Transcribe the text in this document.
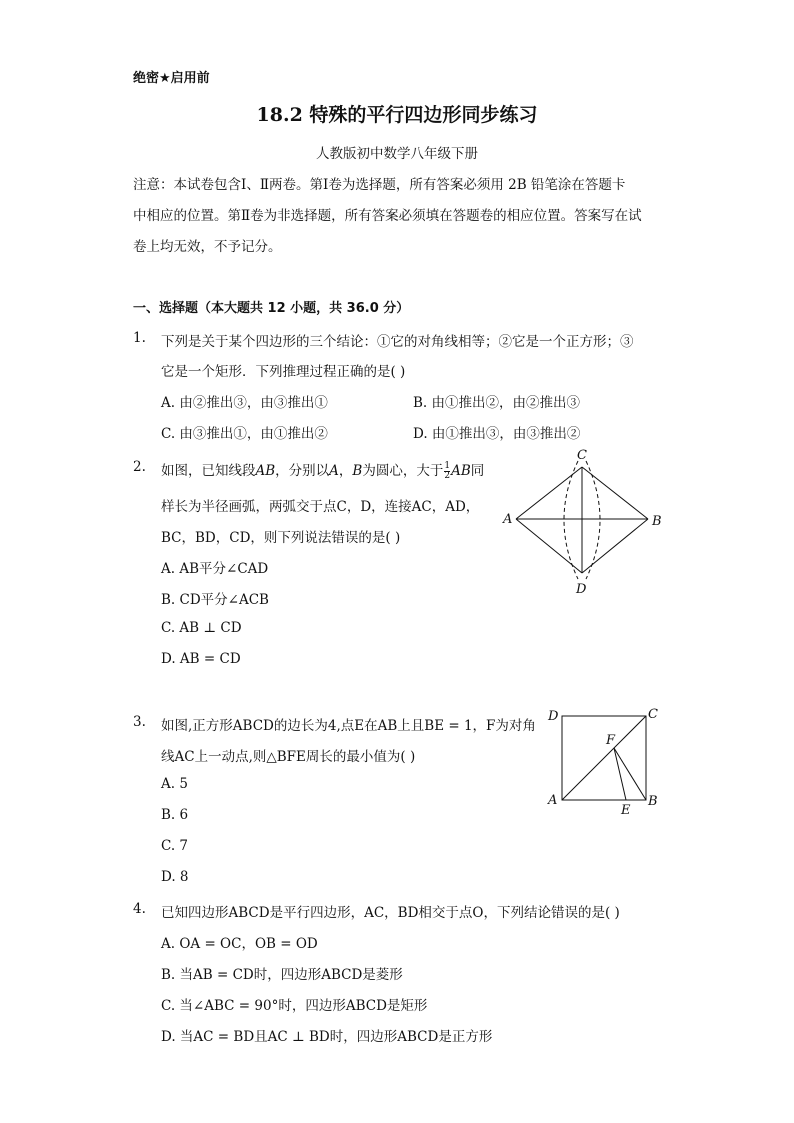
绝密★启用前
18.2 特殊的平行四边形同步练习
人教版初中数学八年级下册
注意：本试卷包含Ⅰ、Ⅱ两卷。第Ⅰ卷为选择题，所有答案必须用 2B 铅笔涂在答题卡
中相应的位置。第Ⅱ卷为非选择题，所有答案必须填在答题卷的相应位置。答案写在试
卷上均无效，不予记分。
一、选择题（本大题共 12 小题，共 36.0 分）
1. 下列是关于某个四边形的三个结论：①它的对角线相等；②它是一个正方形；③
它是一个矩形．下列推理过程正确的是( )
A. 由②推出③，由③推出①	B. 由①推出②，由②推出③
C. 由③推出①，由①推出②	D. 由①推出③，由③推出②
2. 如图，已知线段AB，分别以A，B为圆心，大于 $\frac{1}{2}$ AB同
样长为半径画弧，两弧交于点C，D，连接AC，AD，
BC，BD，CD，则下列说法错误的是( )
A. AB平分∠CAD
B. CD平分∠ACB
C. AB ⊥ CD
D. AB = CD
A	B
C
D
3. 如图,正方形ABCD的边长为4,点E在AB上且BE = 1，F为对角
线AC上一动点,则△BFE周长的最小值为( )
A. 5
B. 6
C. 7
D. 8
D	C
A	B
E
F
4. 已知四边形ABCD是平行四边形，AC，BD相交于点O，下列结论错误的是( )
A. OA = OC，OB = OD
B. 当AB = CD时，四边形ABCD是菱形
C. 当∠ABC = 90°时，四边形ABCD是矩形
D. 当AC = BD且AC ⊥ BD时，四边形ABCD是正方形
